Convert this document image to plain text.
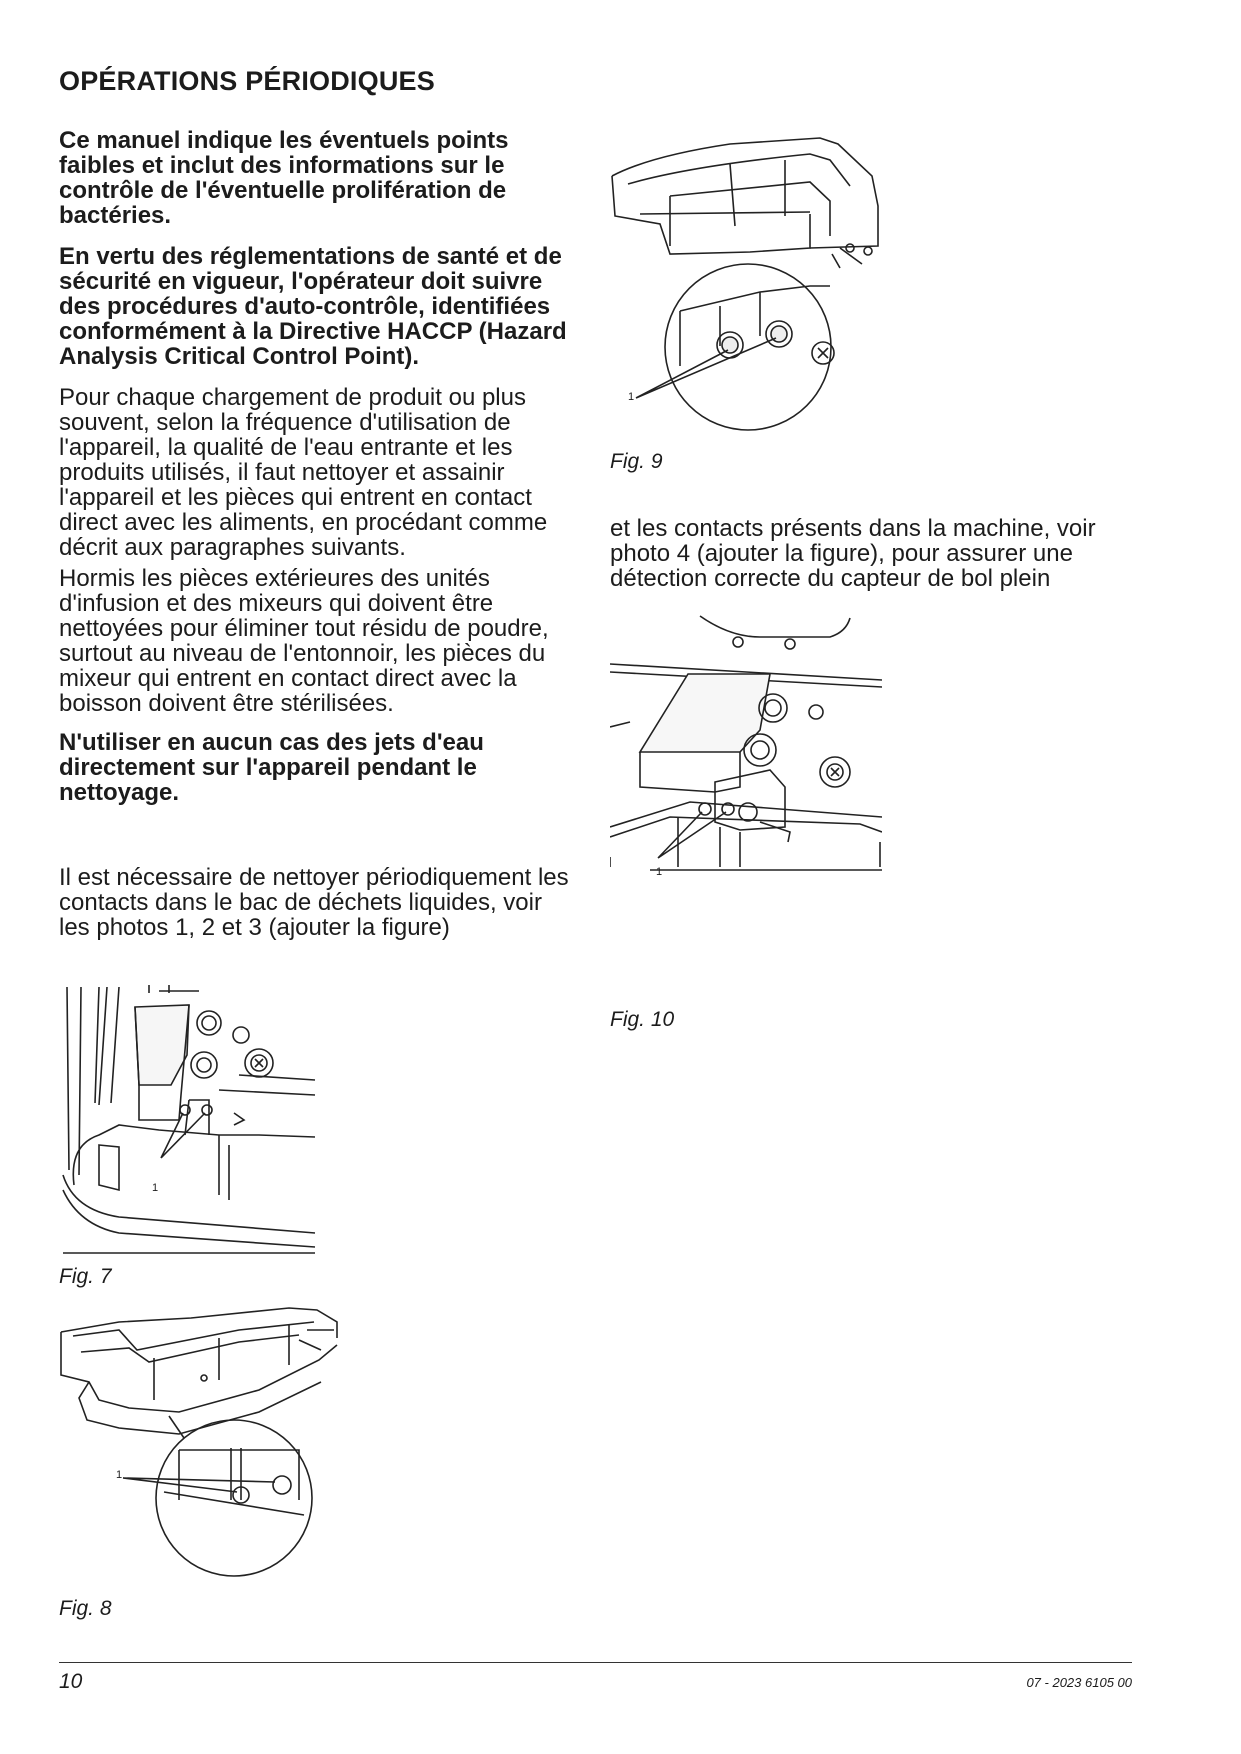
OPÉRATIONS PÉRIODIQUES

Ce manuel indique les éventuels points faibles et inclut des informations sur le contrôle de l'éventuelle prolifération de bactéries.

En vertu des réglementations de santé et de sécurité en vigueur, l'opérateur doit suivre des procédures d'auto-contrôle, identifiées conformément à la Directive HACCP (Hazard Analysis Critical Control Point).

Pour chaque chargement de produit ou plus souvent, selon la fréquence d'utilisation de l'appareil, la qualité de l'eau entrante et les produits utilisés, il faut nettoyer et assainir l'appareil et les pièces qui entrent en contact direct avec les aliments, en procédant comme décrit aux paragraphes suivants.

Hormis les pièces extérieures des unités d'infusion et des mixeurs qui doivent être nettoyées pour éliminer tout résidu de poudre, surtout au niveau de l'entonnoir, les pièces du mixeur qui entrent en contact direct avec la boisson doivent être stérilisées.

N'utiliser en aucun cas des jets d'eau directement sur l'appareil pendant le nettoyage.

Il est nécessaire de nettoyer périodiquement les contacts dans le bac de déchets liquides, voir les photos 1, 2 et 3 (ajouter la figure)

et les contacts présents dans la machine, voir photo 4 (ajouter la figure), pour assurer une détection correcte du capteur de bol plein

Fig. 7
1
1
Fig. 8
1
Fig. 9
1
Fig. 10
10	07 - 2023 6105 00
